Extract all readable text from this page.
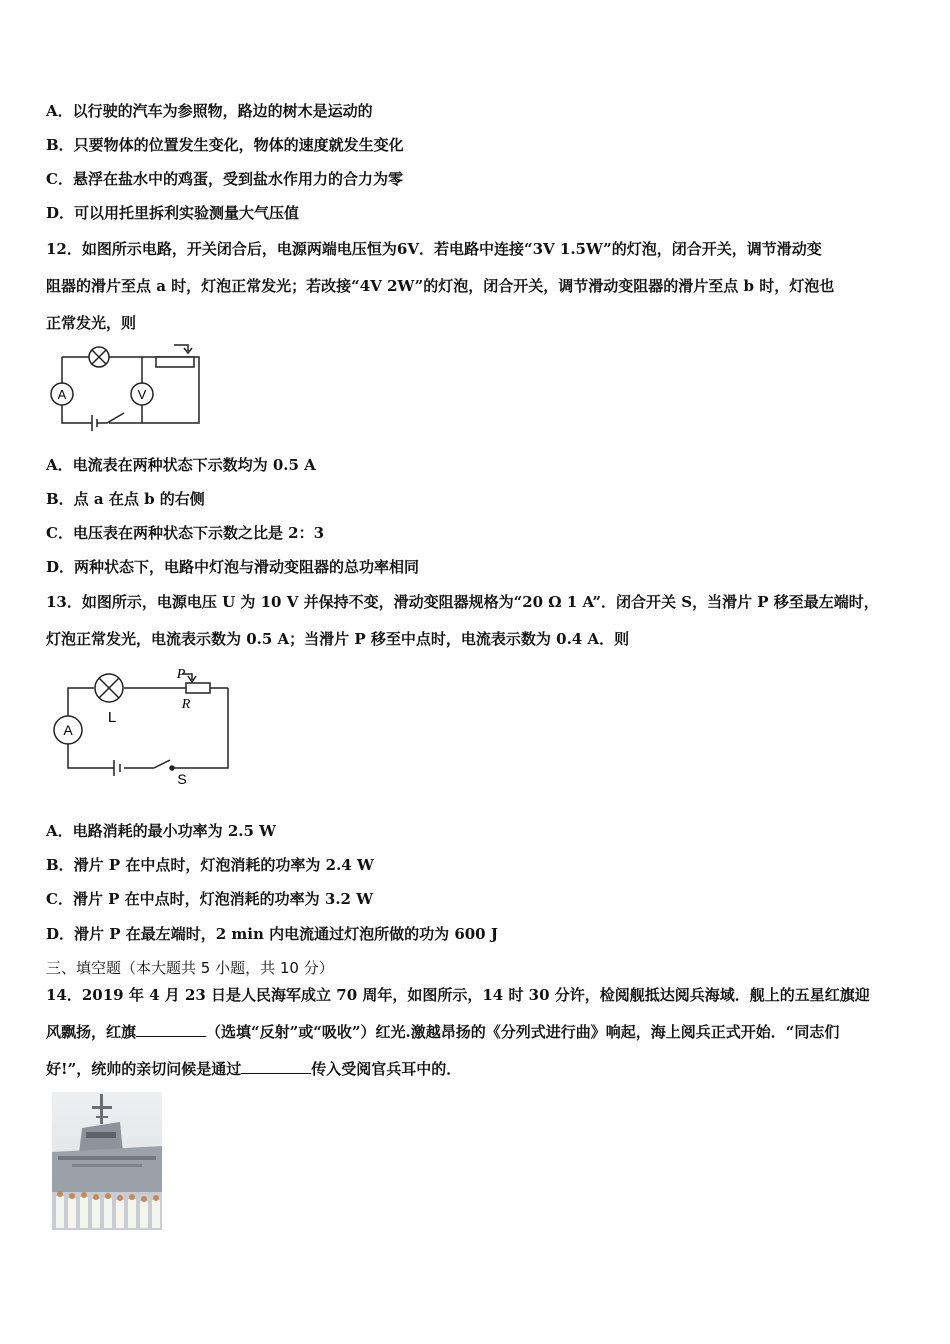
A．以行驶的汽车为参照物，路边的树木是运动的
B．只要物体的位置发生变化，物体的速度就发生变化
C．悬浮在盐水中的鸡蛋，受到盐水作用力的合力为零
D．可以用托里拆利实验测量大气压值
12．如图所示电路，开关闭合后，电源两端电压恒为6V．若电路中连接“3V 1.5W”的灯泡，闭合开关，调节滑动变
阻器的滑片至点 a 时，灯泡正常发光；若改接“4V 2W”的灯泡，闭合开关，调节滑动变阻器的滑片至点 b 时，灯泡也
正常发光，则
A	V
A．电流表在两种状态下示数均为 0.5 A
B．点 a 在点 b 的右侧
C．电压表在两种状态下示数之比是 2：3
D．两种状态下，电路中灯泡与滑动变阻器的总功率相同
13．如图所示，电源电压 U 为 10 V 并保持不变，滑动变阻器规格为“20 Ω 1 A”．闭合开关 S，当滑片 P 移至最左端时，
灯泡正常发光，电流表示数为 0.5 A；当滑片 P 移至中点时，电流表示数为 0.4 A．则
A
L
P
R
S
A．电路消耗的最小功率为 2.5 W
B．滑片 P 在中点时，灯泡消耗的功率为 2.4 W
C．滑片 P 在中点时，灯泡消耗的功率为 3.2 W
D．滑片 P 在最左端时，2 min 内电流通过灯泡所做的功为 600 J
三、填空题（本大题共 5 小题，共 10 分）
14．2019 年 4 月 23 日是人民海军成立 70 周年，如图所示，14 时 30 分许，检阅舰抵达阅兵海域．舰上的五星红旗迎
风飘扬，红旗	（选填“反射”或“吸收”）红光.激越昂扬的《分列式进行曲》响起，海上阅兵正式开始．“同志们
好!”，统帅的亲切问候是通过	传入受阅官兵耳中的．
